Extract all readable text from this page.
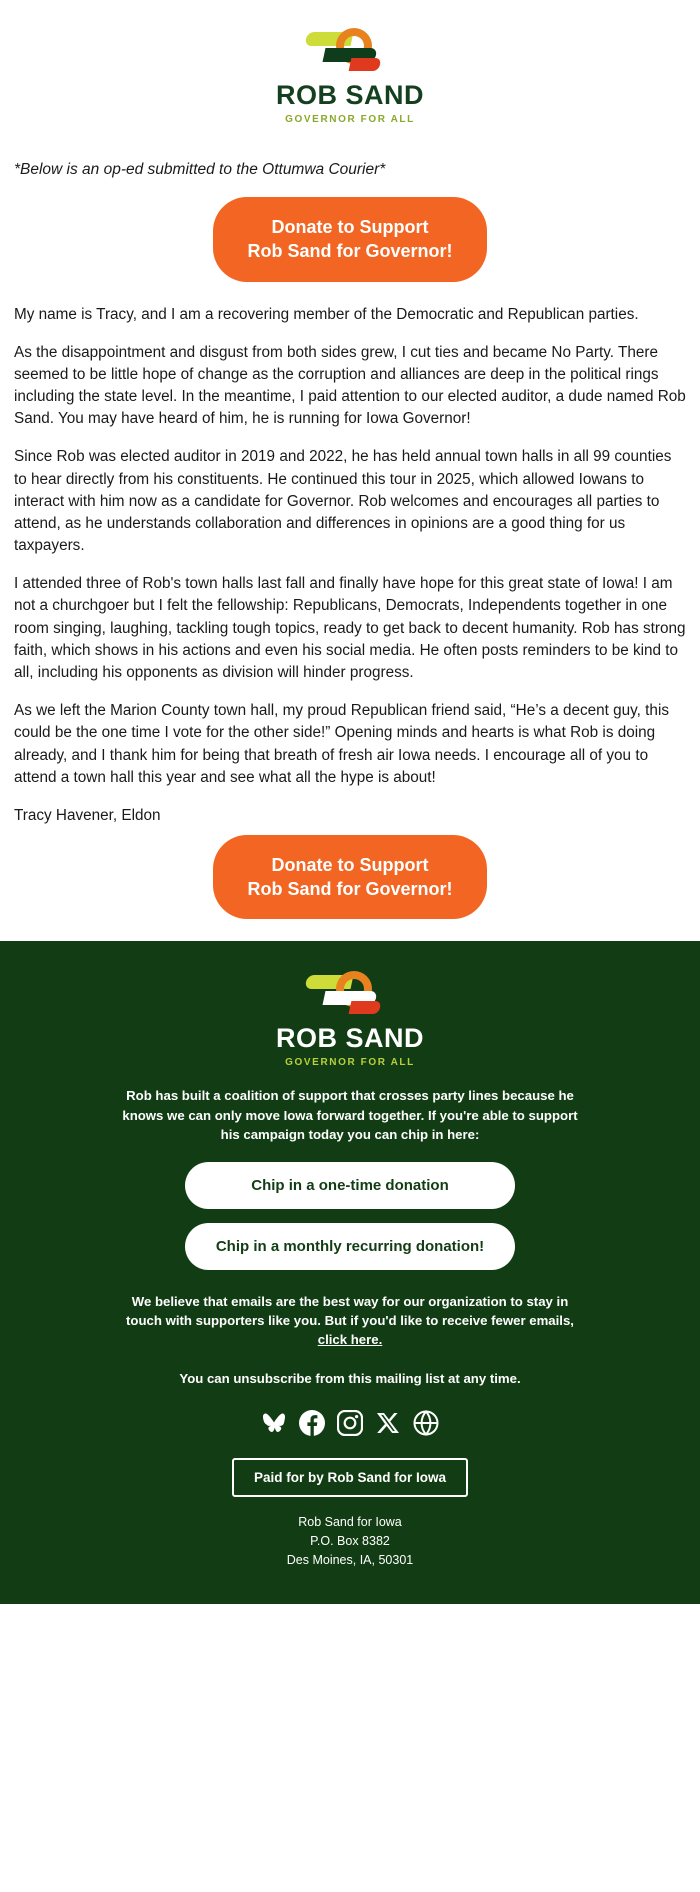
ROB SAND
GOVERNOR FOR ALL
*Below is an op-ed submitted to the Ottumwa Courier*
Donate to Support
Rob Sand for Governor!

My name is Tracy, and I am a recovering member of the Democratic and Republican parties.

As the disappointment and disgust from both sides grew, I cut ties and became No Party. There seemed to be little hope of change as the corruption and alliances are deep in the political rings including the state level. In the meantime, I paid attention to our elected auditor, a dude named Rob Sand. You may have heard of him, he is running for Iowa Governor!

Since Rob was elected auditor in 2019 and 2022, he has held annual town halls in all 99 counties to hear directly from his constituents. He continued this tour in 2025, which allowed Iowans to interact with him now as a candidate for Governor. Rob welcomes and encourages all parties to attend, as he understands collaboration and differences in opinions are a good thing for us taxpayers.

I attended three of Rob's town halls last fall and finally have hope for this great state of Iowa! I am not a churchgoer but I felt the fellowship: Republicans, Democrats, Independents together in one room singing, laughing, tackling tough topics, ready to get back to decent humanity. Rob has strong faith, which shows in his actions and even his social media. He often posts reminders to be kind to all, including his opponents as division will hinder progress.

As we left the Marion County town hall, my proud Republican friend said, “He’s a decent guy, this could be the one time I vote for the other side!” Opening minds and hearts is what Rob is doing already, and I thank him for being that breath of fresh air Iowa needs. I encourage all of you to attend a town hall this year and see what all the hype is about!

Tracy Havener, Eldon

Donate to Support
Rob Sand for Governor!
ROB SAND
GOVERNOR FOR ALL
Rob has built a coalition of support that crosses party lines because he knows we can only move Iowa forward together. If you're able to support his campaign today you can chip in here:
Chip in a one-time donation
Chip in a monthly recurring donation!
We believe that emails are the best way for our organization to stay in touch with supporters like you. But if you'd like to receive fewer emails, click here.
You can unsubscribe from this mailing list at any time.
Paid for by Rob Sand for Iowa
Rob Sand for Iowa
P.O. Box 8382
Des Moines, IA, 50301
